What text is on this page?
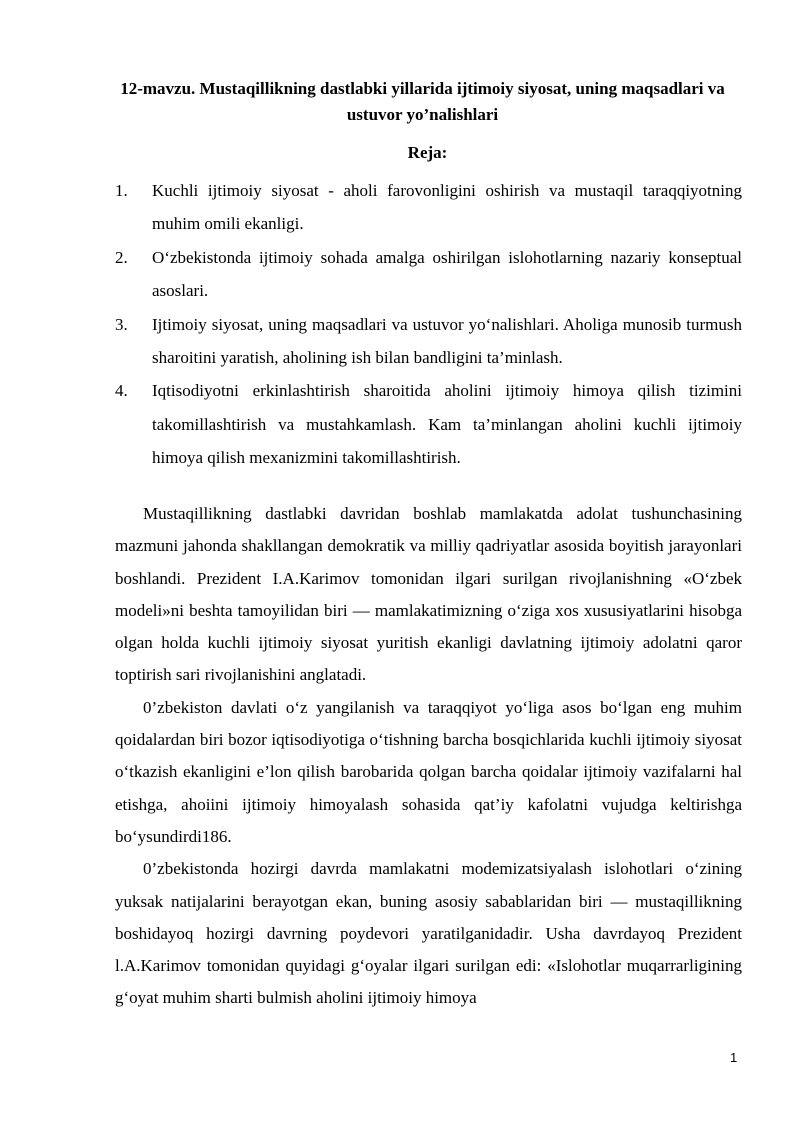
12-mavzu. Mustaqillikning dastlabki yillarida ijtimoiy siyosat, uning maqsadlari va ustuvor yo’nalishlari
Reja:
1. Kuchli ijtimoiy siyosat - aholi farovonligini oshirish va mustaqil taraqqiyotning muhim omili ekanligi.
2. O‘zbekistonda ijtimoiy sohada amalga oshirilgan islohotlarning nazariy konseptual asoslari.
3. Ijtimoiy siyosat, uning maqsadlari va ustuvor yo‘nalishlari. Aholiga munosib turmush sharoitini yaratish, aholining ish bilan bandligini ta’minlash.
4. Iqtisodiyotni erkinlashtirish sharoitida aholini ijtimoiy himoya qilish tizimini takomillashtirish va mustahkamlash. Kam ta’minlangan aholini kuchli ijtimoiy himoya qilish mexanizmini takomillashtirish.

Mustaqillikning dastlabki davridan boshlab mamlakatda adolat tushunchasining mazmuni jahonda shakllangan demokratik va milliy qadriyatlar asosida boyitish jarayonlari boshlandi. Prezident I.A.Karimov tomonidan ilgari surilgan rivojlanishning «O‘zbek modeli»ni beshta tamoyilidan biri — mamlakatimizning o‘ziga xos xususiyatlarini hisobga olgan holda kuchli ijtimoiy siyosat yuritish ekanligi davlatning ijtimoiy adolatni qaror toptirish sari rivojlanishini anglatadi.

0’zbekiston davlati o‘z yangilanish va taraqqiyot yo‘liga asos bo‘lgan eng muhim qoidalardan biri bozor iqtisodiyotiga o‘tishning barcha bosqichlarida kuchli ijtimoiy siyosat o‘tkazish ekanligini e’lon qilish barobarida qolgan barcha qoidalar ijtimoiy vazifalarni hal etishga, ahoiini ijtimoiy himoyalash sohasida qat’iy kafolatni vujudga keltirishga bo‘ysundirdi186.

0’zbekistonda hozirgi davrda mamlakatni modemizatsiyalash islohotlari o‘zining yuksak natijalarini berayotgan ekan, buning asosiy sabablaridan biri — mustaqillikning boshidayoq hozirgi davrning poydevori yaratilganidadir. Usha davrdayoq Prezident l.A.Karimov tomonidan quyidagi g‘oyalar ilgari surilgan edi: «Islohotlar muqarrarligining g‘oyat muhim sharti bulmish aholini ijtimoiy himoya

1
